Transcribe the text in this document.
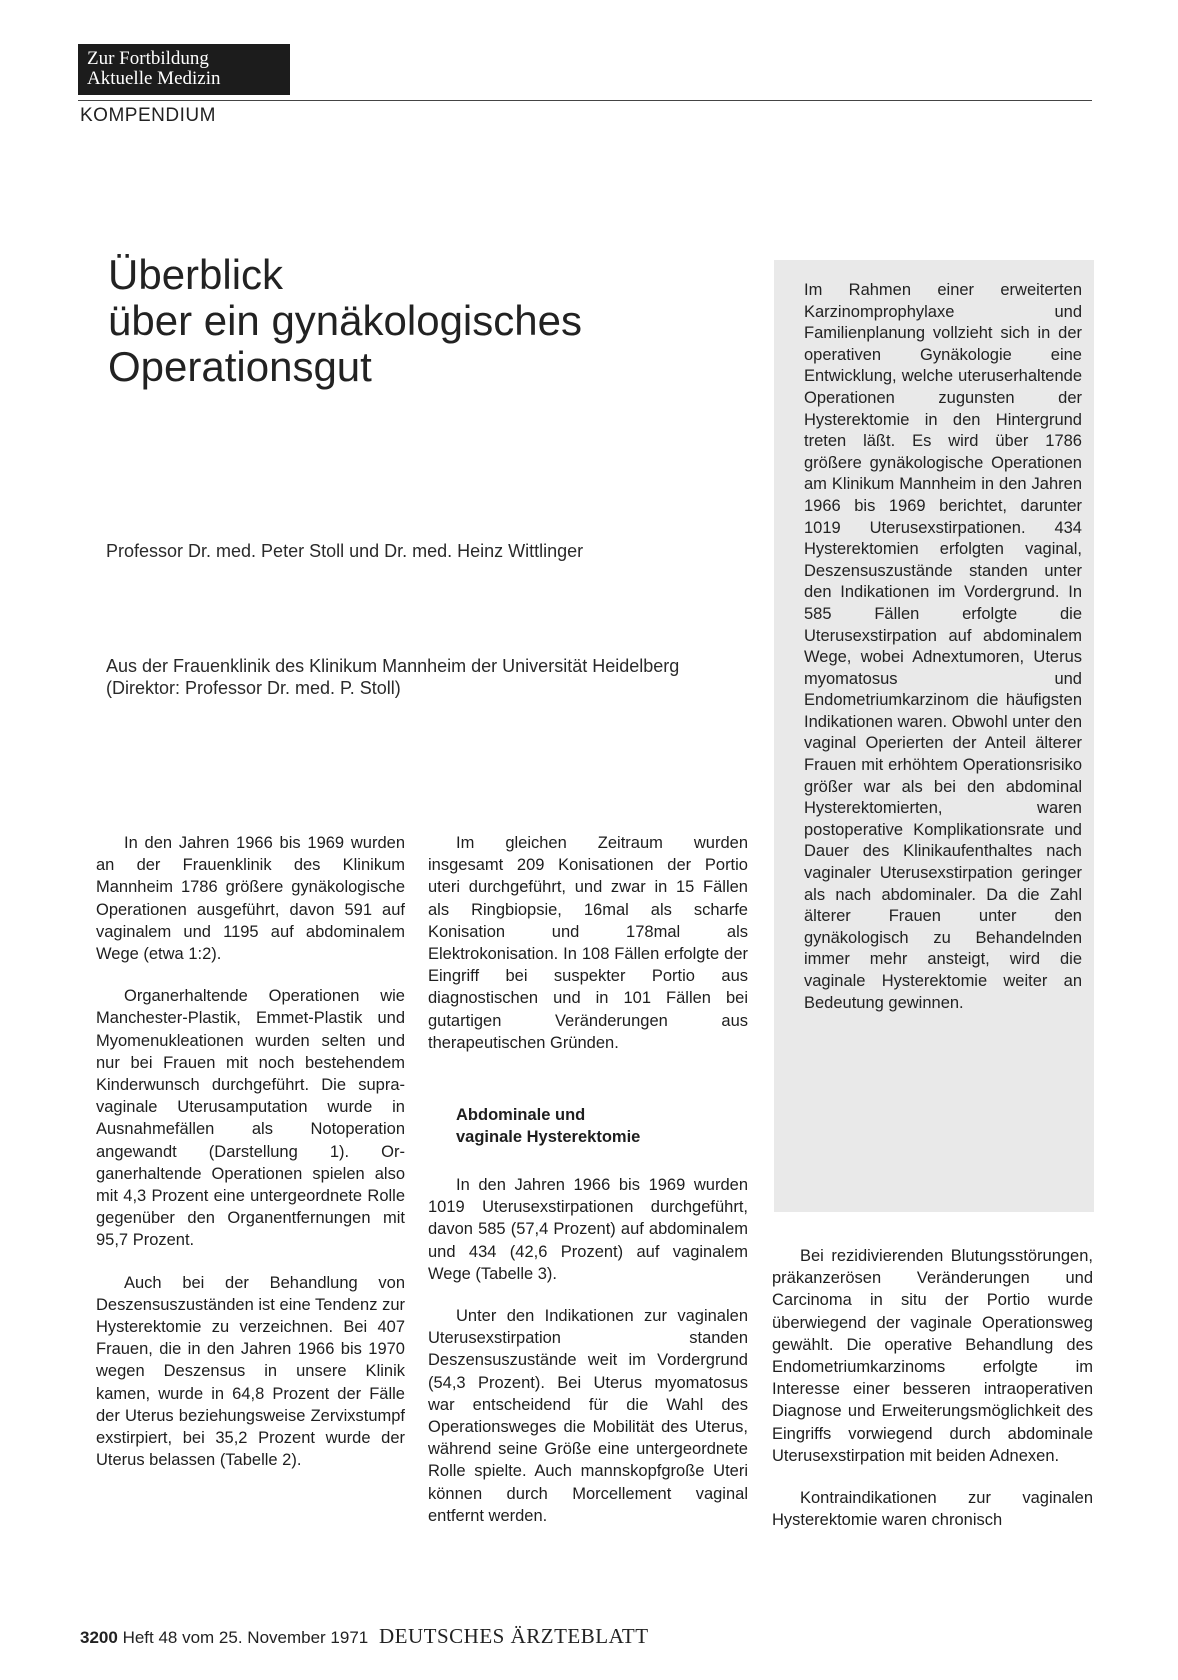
Zur Fortbildung
Aktuelle Medizin
KOMPENDIUM
Überblick
über ein gynäkologisches
Operationsgut
Professor Dr. med. Peter Stoll und Dr. med. Heinz Wittlinger
Aus der Frauenklinik des Klinikum Mannheim der Universität Heidelberg
(Direktor: Professor Dr. med. P. Stoll)
Im Rahmen einer erweiterten Karzinomprophylaxe und Familienplanung vollzieht sich in der operativen Gynäkologie eine Entwicklung, welche uteruserhaltende Operationen zugunsten der Hysterektomie in den Hintergrund treten läßt. Es wird über 1786 größere gynäkologische Operationen am Klinikum Mannheim in den Jahren 1966 bis 1969 berichtet, darunter 1019 Uterusexstirpationen. 434 Hysterektomien erfolgten vaginal, Deszensuszustände standen unter den Indikationen im Vordergrund. In 585 Fällen erfolgte die Uterusexstirpation auf abdominalem Wege, wobei Adnextumoren, Uterus myomatosus und Endometriumkarzinom die häufigsten Indikationen waren. Obwohl unter den vaginal Operierten der Anteil älterer Frauen mit erhöhtem Operationsrisiko größer war als bei den abdominal Hysterektomierten, waren postoperative Komplikationsrate und Dauer des Klinikaufenthaltes nach vaginaler Uterusexstirpation geringer als nach abdominaler. Da die Zahl älterer Frauen unter den gynäkologisch zu Behandelnden immer mehr ansteigt, wird die vaginale Hysterektomie weiter an Bedeutung gewinnen.

In den Jahren 1966 bis 1969 wurden an der Frauenklinik des Klinikum Mannheim 1786 größere gynäkologische Operationen ausgeführt, davon 591 auf vaginalem und 1195 auf abdominalem Wege (etwa 1:2).

Organerhaltende Operationen wie Manchester-Plastik, Emmet-Plastik und Myomenukleationen wurden selten und nur bei Frauen mit noch bestehendem Kinderwunsch durchgeführt. Die supravaginale Uterusamputation wurde in Ausnahmefällen als Notoperation angewandt (Darstellung 1). Organerhaltende Operationen spielen also mit 4,3 Prozent eine untergeordnete Rolle gegenüber den Organentfernungen mit 95,7 Prozent.

Auch bei der Behandlung von Deszensuszuständen ist eine Tendenz zur Hysterektomie zu verzeichnen. Bei 407 Frauen, die in den Jahren 1966 bis 1970 wegen Deszensus in unsere Klinik kamen, wurde in 64,8 Prozent der Fälle der Uterus beziehungsweise Zervixstumpf exstirpiert, bei 35,2 Prozent wurde der Uterus belassen (Tabelle 2).

Im gleichen Zeitraum wurden insgesamt 209 Konisationen der Portio uteri durchgeführt, und zwar in 15 Fällen als Ringbiopsie, 16mal als scharfe Konisation und 178mal als Elektrokonisation. In 108 Fällen erfolgte der Eingriff bei suspekter Portio aus diagnostischen und in 101 Fällen bei gutartigen Veränderungen aus therapeutischen Gründen.

Abdominale und
vaginale Hysterektomie

In den Jahren 1966 bis 1969 wurden 1019 Uterusexstirpationen durchgeführt, davon 585 (57,4 Prozent) auf abdominalem und 434 (42,6 Prozent) auf vaginalem Wege (Tabelle 3).

Unter den Indikationen zur vaginalen Uterusexstirpation standen Deszensuszustände weit im Vordergrund (54,3 Prozent). Bei Uterus myomatosus war entscheidend für die Wahl des Operationsweges die Mobilität des Uterus, während seine Größe eine untergeordnete Rolle spielte. Auch mannskopfgroße Uteri können durch Morcellement vaginal entfernt werden.

Bei rezidivierenden Blutungsstörungen, präkanzerösen Veränderungen und Carcinoma in situ der Portio wurde überwiegend der vaginale Operationsweg gewählt. Die operative Behandlung des Endometriumkarzinoms erfolgte im Interesse einer besseren intraoperativen Diagnose und Erweiterungsmöglichkeit des Eingriffs vorwiegend durch abdominale Uterusexstirpation mit beiden Adnexen.

Kontraindikationen zur vaginalen Hysterektomie waren chronisch

3200 Heft 48 vom 25. November 1971 DEUTSCHES ÄRZTEBLATT
